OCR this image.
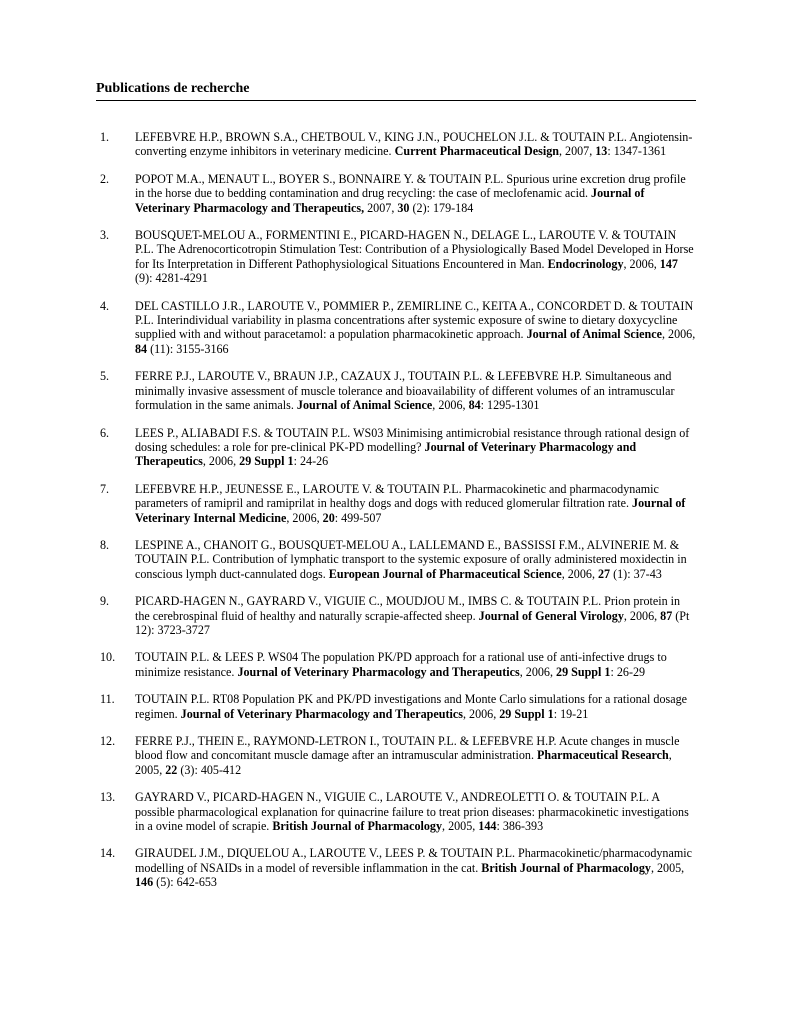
Publications de recherche
1. LEFEBVRE H.P., BROWN S.A., CHETBOUL V., KING J.N., POUCHELON J.L. & TOUTAIN P.L. Angiotensin-converting enzyme inhibitors in veterinary medicine. Current Pharmaceutical Design, 2007, 13: 1347-1361
2. POPOT M.A., MENAUT L., BOYER S., BONNAIRE Y. & TOUTAIN P.L. Spurious urine excretion drug profile in the horse due to bedding contamination and drug recycling: the case of meclofenamic acid. Journal of Veterinary Pharmacology and Therapeutics, 2007, 30 (2): 179-184
3. BOUSQUET-MELOU A., FORMENTINI E., PICARD-HAGEN N., DELAGE L., LAROUTE V. & TOUTAIN P.L. The Adrenocorticotropin Stimulation Test: Contribution of a Physiologically Based Model Developed in Horse for Its Interpretation in Different Pathophysiological Situations Encountered in Man. Endocrinology, 2006, 147 (9): 4281-4291
4. DEL CASTILLO J.R., LAROUTE V., POMMIER P., ZEMIRLINE C., KEITA A., CONCORDET D. & TOUTAIN P.L. Interindividual variability in plasma concentrations after systemic exposure of swine to dietary doxycycline supplied with and without paracetamol: a population pharmacokinetic approach. Journal of Animal Science, 2006, 84 (11): 3155-3166
5. FERRE P.J., LAROUTE V., BRAUN J.P., CAZAUX J., TOUTAIN P.L. & LEFEBVRE H.P. Simultaneous and minimally invasive assessment of muscle tolerance and bioavailability of different volumes of an intramuscular formulation in the same animals. Journal of Animal Science, 2006, 84: 1295-1301
6. LEES P., ALIABADI F.S. & TOUTAIN P.L. WS03 Minimising antimicrobial resistance through rational design of dosing schedules: a role for pre-clinical PK-PD modelling? Journal of Veterinary Pharmacology and Therapeutics, 2006, 29 Suppl 1: 24-26
7. LEFEBVRE H.P., JEUNESSE E., LAROUTE V. & TOUTAIN P.L. Pharmacokinetic and pharmacodynamic parameters of ramipril and ramiprilat in healthy dogs and dogs with reduced glomerular filtration rate. Journal of Veterinary Internal Medicine, 2006, 20: 499-507
8. LESPINE A., CHANOIT G., BOUSQUET-MELOU A., LALLEMAND E., BASSISSI F.M., ALVINERIE M. & TOUTAIN P.L. Contribution of lymphatic transport to the systemic exposure of orally administered moxidectin in conscious lymph duct-cannulated dogs. European Journal of Pharmaceutical Science, 2006, 27 (1): 37-43
9. PICARD-HAGEN N., GAYRARD V., VIGUIE C., MOUDJOU M., IMBS C. & TOUTAIN P.L. Prion protein in the cerebrospinal fluid of healthy and naturally scrapie-affected sheep. Journal of General Virology, 2006, 87 (Pt 12): 3723-3727
10. TOUTAIN P.L. & LEES P. WS04 The population PK/PD approach for a rational use of anti-infective drugs to minimize resistance. Journal of Veterinary Pharmacology and Therapeutics, 2006, 29 Suppl 1: 26-29
11. TOUTAIN P.L. RT08 Population PK and PK/PD investigations and Monte Carlo simulations for a rational dosage regimen. Journal of Veterinary Pharmacology and Therapeutics, 2006, 29 Suppl 1: 19-21
12. FERRE P.J., THEIN E., RAYMOND-LETRON I., TOUTAIN P.L. & LEFEBVRE H.P. Acute changes in muscle blood flow and concomitant muscle damage after an intramuscular administration. Pharmaceutical Research, 2005, 22 (3): 405-412
13. GAYRARD V., PICARD-HAGEN N., VIGUIE C., LAROUTE V., ANDREOLETTI O. & TOUTAIN P.L. A possible pharmacological explanation for quinacrine failure to treat prion diseases: pharmacokinetic investigations in a ovine model of scrapie. British Journal of Pharmacology, 2005, 144: 386-393
14. GIRAUDEL J.M., DIQUELOU A., LAROUTE V., LEES P. & TOUTAIN P.L. Pharmacokinetic/pharmacodynamic modelling of NSAIDs in a model of reversible inflammation in the cat. British Journal of Pharmacology, 2005, 146 (5): 642-653
